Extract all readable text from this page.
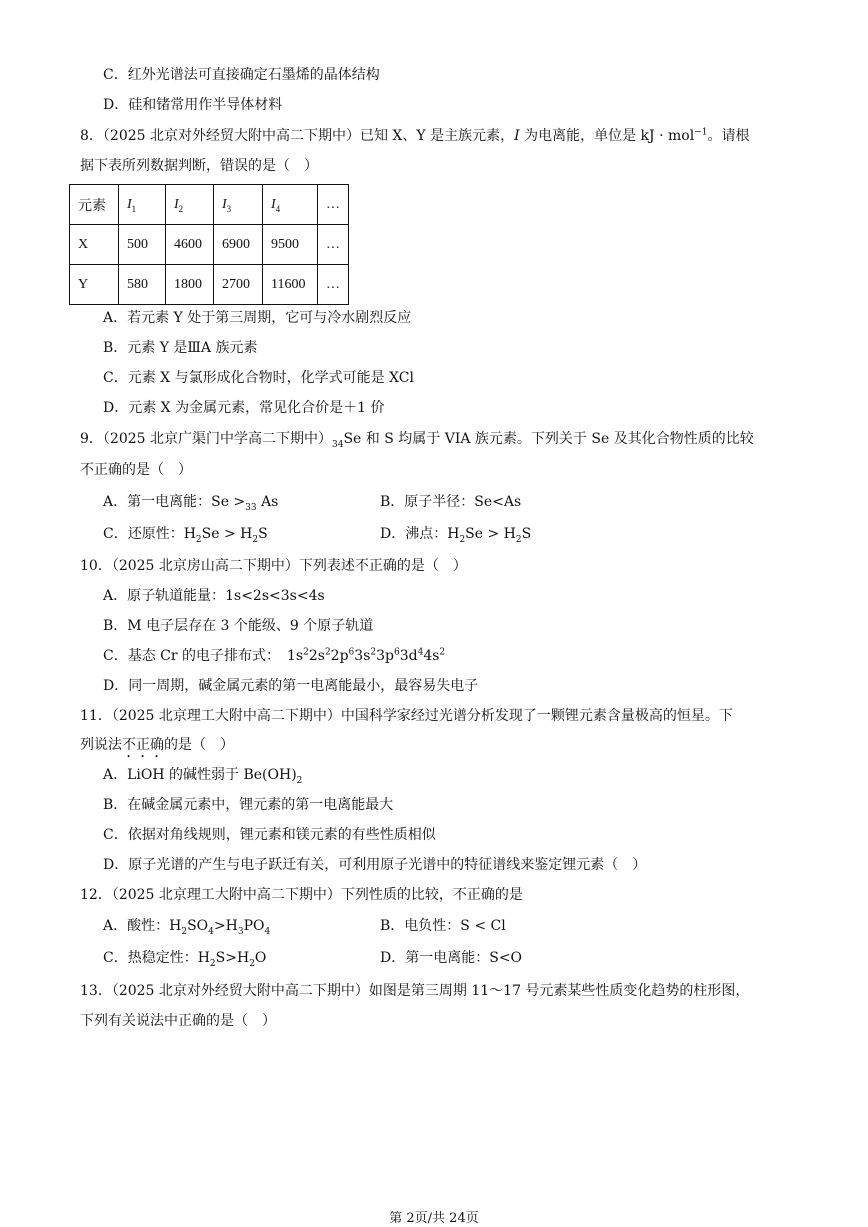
C．红外光谱法可直接确定石墨烯的晶体结构
D．硅和锗常用作半导体材料
8．（2025 北京对外经贸大附中高二下期中）已知 X、Y 是主族元素，I 为电离能，单位是 kJ · mol$^{-1}$。请根
据下表所列数据判断，错误的是（　）
元素	$I_1$	$I_2$	$I_3$	$I_4$	…
X	500	4600	6900	9500	…
Y	580	1800	2700	11600	…
A．若元素 Y 处于第三周期，它可与冷水剧烈反应
B．元素 Y 是ⅢA 族元素
C．元素 X 与氯形成化合物时，化学式可能是 XCl
D．元素 X 为金属元素，常见化合价是＋1 价
9．（2025 北京广渠门中学高二下期中）$_{34}Se$ 和 S 均属于 VIA 族元素。下列关于 Se 及其化合物性质的比较
不正确的是（　）
A．第一电离能：$Se >_{33}$ As	B．原子半径：Se<As
C．还原性：$H_2Se > H_2S$	D．沸点：$H_2Se > H_2S$
10．（2025 北京房山高二下期中）下列表述不正确的是（　）
A．原子轨道能量：1s<2s<3s<4s
B．M 电子层存在 3 个能级、9 个原子轨道
C．基态 Cr 的电子排布式：　$1s^22s^22p^63s^23p^63d^44s^2$
D．同一周期，碱金属元素的第一电离能最小，最容易失电子
11．（2025 北京理工大附中高二下期中）中国科学家经过光谱分析发现了一颗锂元素含量极高的恒星。下
列说法不正确的是（　）
A．LiOH 的碱性弱于 $Be(OH)_2$
B．在碱金属元素中，锂元素的第一电离能最大
C．依据对角线规则，锂元素和镁元素的有些性质相似
D．原子光谱的产生与电子跃迁有关，可利用原子光谱中的特征谱线来鉴定锂元素（　）
12．（2025 北京理工大附中高二下期中）下列性质的比较，不正确的是
A．酸性：$H_2SO_4>H_3PO_4$	B．电负性：S < Cl
C．热稳定性：$H_2S>H_2O$	D．第一电离能：S<O
13．（2025 北京对外经贸大附中高二下期中）如图是第三周期 11～17 号元素某些性质变化趋势的柱形图，
下列有关说法中正确的是（　）
第 2页/共 24页
